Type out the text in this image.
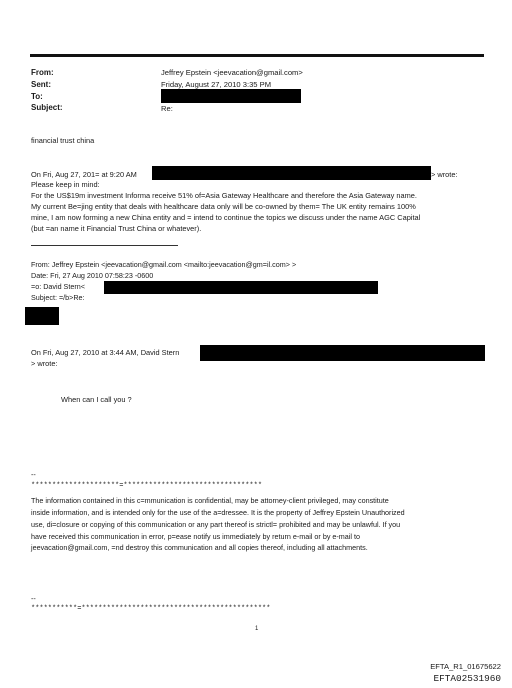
From:	Jeffrey Epstein <jeevacation@gmail.com>
Sent:	Friday, August 27, 2010 3:35 PM
To:
Subject:	Re:
financial trust china
On Fri, Aug 27, 201= at 9:20 AM	> wrote:
Please keep in mind:
For the US$19m investment Informa receive 51% of=Asia Gateway Healthcare and therefore the Asia Gateway name.
My current Be=jing entity that deals with healthcare data only will be co-owned by them= The UK entity remains 100%
mine, I am now forming a new China entity and = intend to continue the topics we discuss under the name AGC Capital
(but =an name it Financial Trust China or whatever).
From: Jeffrey Epstein <jeevacation@gmail.com <mailto:jeevacation@gm=il.com> >
Date: Fri, 27 Aug 2010 07:58:23 -0600
=o: David Stern<
Subject: =/b>Re:
On Fri, Aug 27, 2010 at 3:44 AM, David Stern
> wrote:
When can I call you ?
--
*********************=*********************************
The information contained in this c=mmunication is confidential, may be attorney-client privileged, may constitute
inside information, and is intended only for the use of the a=dressee. It is the property of Jeffrey Epstein Unauthorized
use, di=closure or copying of this communication or any part thereof is strictl= prohibited and may be unlawful. If you
have received this communication in error, p=ease notify us immediately by return e-mail or by e-mail to
jeevacation@gmail.com, =nd destroy this communication and all copies thereof, including all attachments.
--
***********=*********************************************
1
EFTA_R1_01675622
EFTA02531960
